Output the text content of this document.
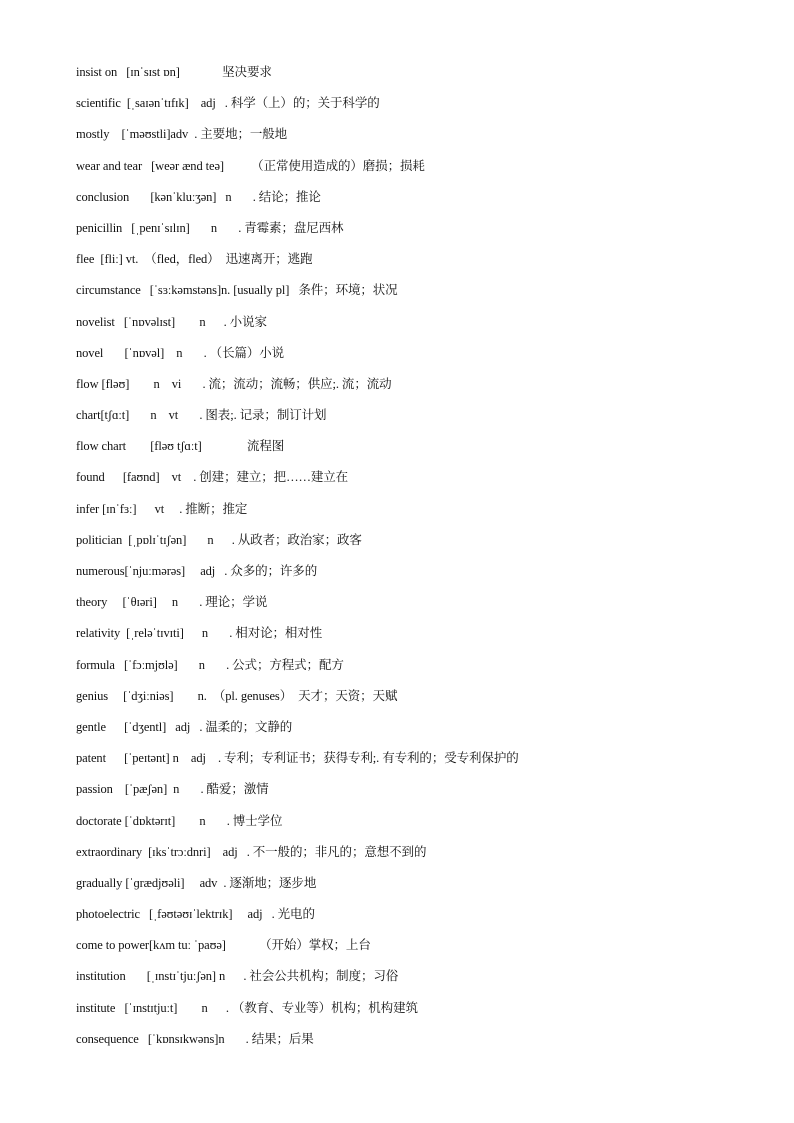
insist on   [ɪnˈsɪst ɒn]              坚决要求
scientific  [ˌsaɪənˈtɪfɪk]    adj   . 科学（上）的；关于科学的
mostly    [ˈməʊstli]adv  . 主要地；一般地
wear and tear   [weər ænd teə]         （正常使用造成的）磨损；损耗
conclusion       [kənˈkluːʒən]   n       . 结论；推论
penicillin   [ˌpenɪˈsɪlɪn]       n       . 青霉素；盘尼西林
flee  [fliː] vt.  （fled，fled）  迅速离开；逃跑
circumstance   [ˈsɜːkəmstəns]n. [usually pl]   条件；环境；状况
novelist   [ˈnɒvəlɪst]        n      . 小说家
novel       [ˈnɒvəl]    n       . （长篇）小说
flow [fləʊ]        n    vi       . 流；流动；流畅；供应;. 流；流动
chart[tʃɑːt]       n    vt       . 图表;. 记录；制订计划
flow chart        [fləʊ tʃɑːt]               流程图
found      [faʊnd]    vt    . 创建；建立；把……建立在
infer [ɪnˈfɜː]      vt     . 推断；推定
politician  [ˌpɒlɪˈtɪʃən]       n      . 从政者；政治家；政客
numerous[ˈnjuːmərəs]     adj   . 众多的；许多的
theory     [ˈθɪəri]     n       . 理论；学说
relativity  [ˌreləˈtɪvɪti]      n       . 相对论；相对性
formula   [ˈfɔːmjʊlə]       n       . 公式；方程式；配方
genius     [ˈdʒiːniəs]        n.  （pl. genuses）  天才；天资；天赋
gentle      [ˈdʒentl]   adj   . 温柔的；文静的
patent      [ˈpeɪtənt] n    adj    . 专利；专利证书；获得专利;. 有专利的；受专利保护的
passion    [ˈpæʃən]  n       . 酷爱；激情
doctorate [ˈdɒktərɪt]        n       . 博士学位
extraordinary  [ɪksˈtrɔːdnri]    adj   . 不一般的；非凡的；意想不到的
gradually [ˈɡrædjʊəli]     adv  . 逐渐地；逐步地
photoelectric   [ˌfəʊtəʊɪˈlektrɪk]     adj   . 光电的
come to power[kʌm tuː ˈpaʊə]           （开始）掌权；上台
institution       [ˌɪnstɪˈtjuːʃən] n      . 社会公共机构；制度；习俗
institute   [ˈɪnstɪtjuːt]        n      . （教育、专业等）机构；机构建筑
consequence   [ˈkɒnsɪkwəns]n       . 结果；后果
